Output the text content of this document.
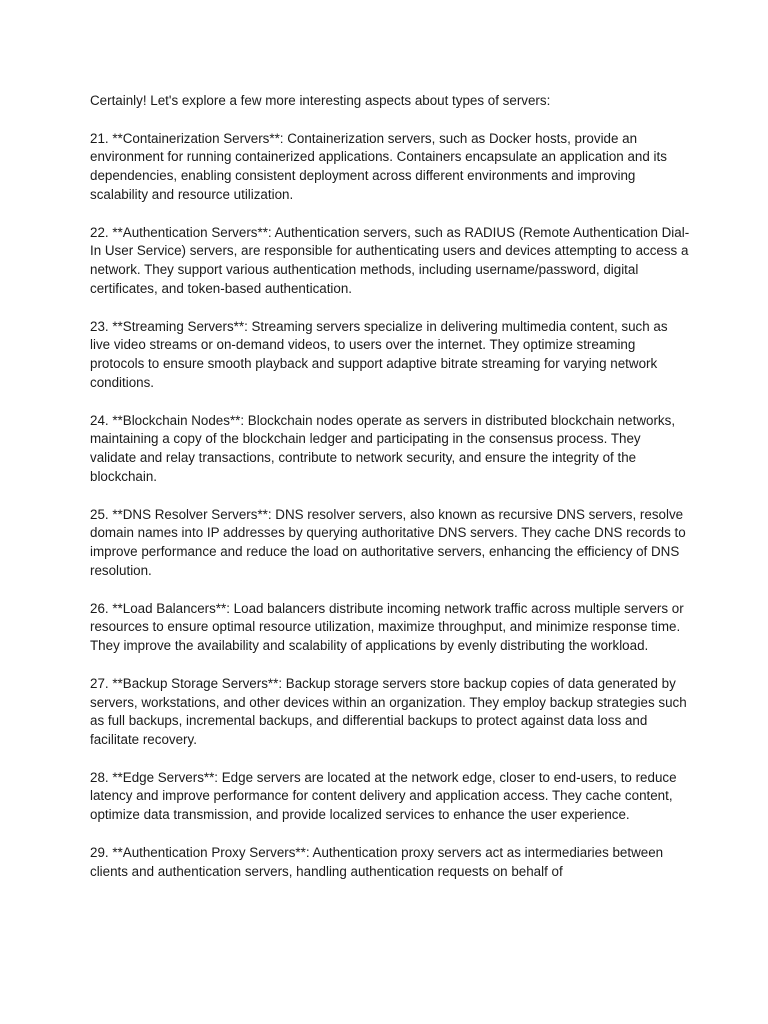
Certainly! Let's explore a few more interesting aspects about types of servers:

21. **Containerization Servers**: Containerization servers, such as Docker hosts, provide an environment for running containerized applications. Containers encapsulate an application and its dependencies, enabling consistent deployment across different environments and improving scalability and resource utilization.

22. **Authentication Servers**: Authentication servers, such as RADIUS (Remote Authentication Dial-In User Service) servers, are responsible for authenticating users and devices attempting to access a network. They support various authentication methods, including username/password, digital certificates, and token-based authentication.

23. **Streaming Servers**: Streaming servers specialize in delivering multimedia content, such as live video streams or on-demand videos, to users over the internet. They optimize streaming protocols to ensure smooth playback and support adaptive bitrate streaming for varying network conditions.

24. **Blockchain Nodes**: Blockchain nodes operate as servers in distributed blockchain networks, maintaining a copy of the blockchain ledger and participating in the consensus process. They validate and relay transactions, contribute to network security, and ensure the integrity of the blockchain.

25. **DNS Resolver Servers**: DNS resolver servers, also known as recursive DNS servers, resolve domain names into IP addresses by querying authoritative DNS servers. They cache DNS records to improve performance and reduce the load on authoritative servers, enhancing the efficiency of DNS resolution.

26. **Load Balancers**: Load balancers distribute incoming network traffic across multiple servers or resources to ensure optimal resource utilization, maximize throughput, and minimize response time. They improve the availability and scalability of applications by evenly distributing the workload.

27. **Backup Storage Servers**: Backup storage servers store backup copies of data generated by servers, workstations, and other devices within an organization. They employ backup strategies such as full backups, incremental backups, and differential backups to protect against data loss and facilitate recovery.

28. **Edge Servers**: Edge servers are located at the network edge, closer to end-users, to reduce latency and improve performance for content delivery and application access. They cache content, optimize data transmission, and provide localized services to enhance the user experience.

29. **Authentication Proxy Servers**: Authentication proxy servers act as intermediaries between clients and authentication servers, handling authentication requests on behalf of
